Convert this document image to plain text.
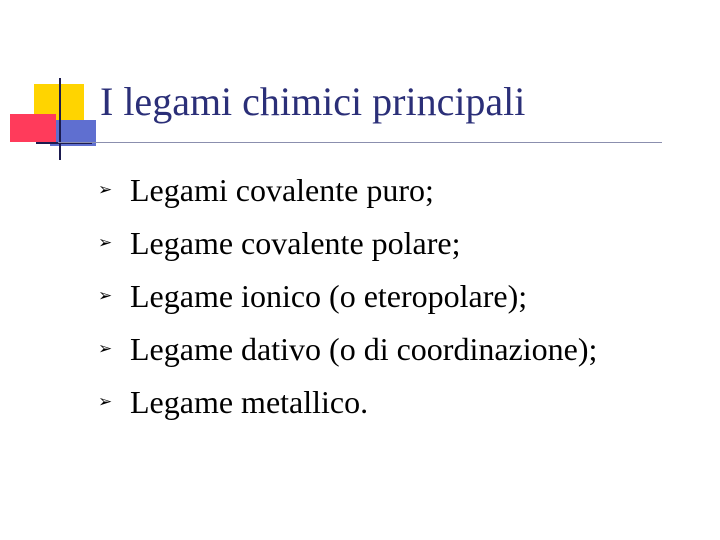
I legami chimici principali
➢ Legami covalente puro;
➢ Legame covalente polare;
➢ Legame ionico (o eteropolare);
➢ Legame dativo (o di coordinazione);
➢ Legame metallico.
